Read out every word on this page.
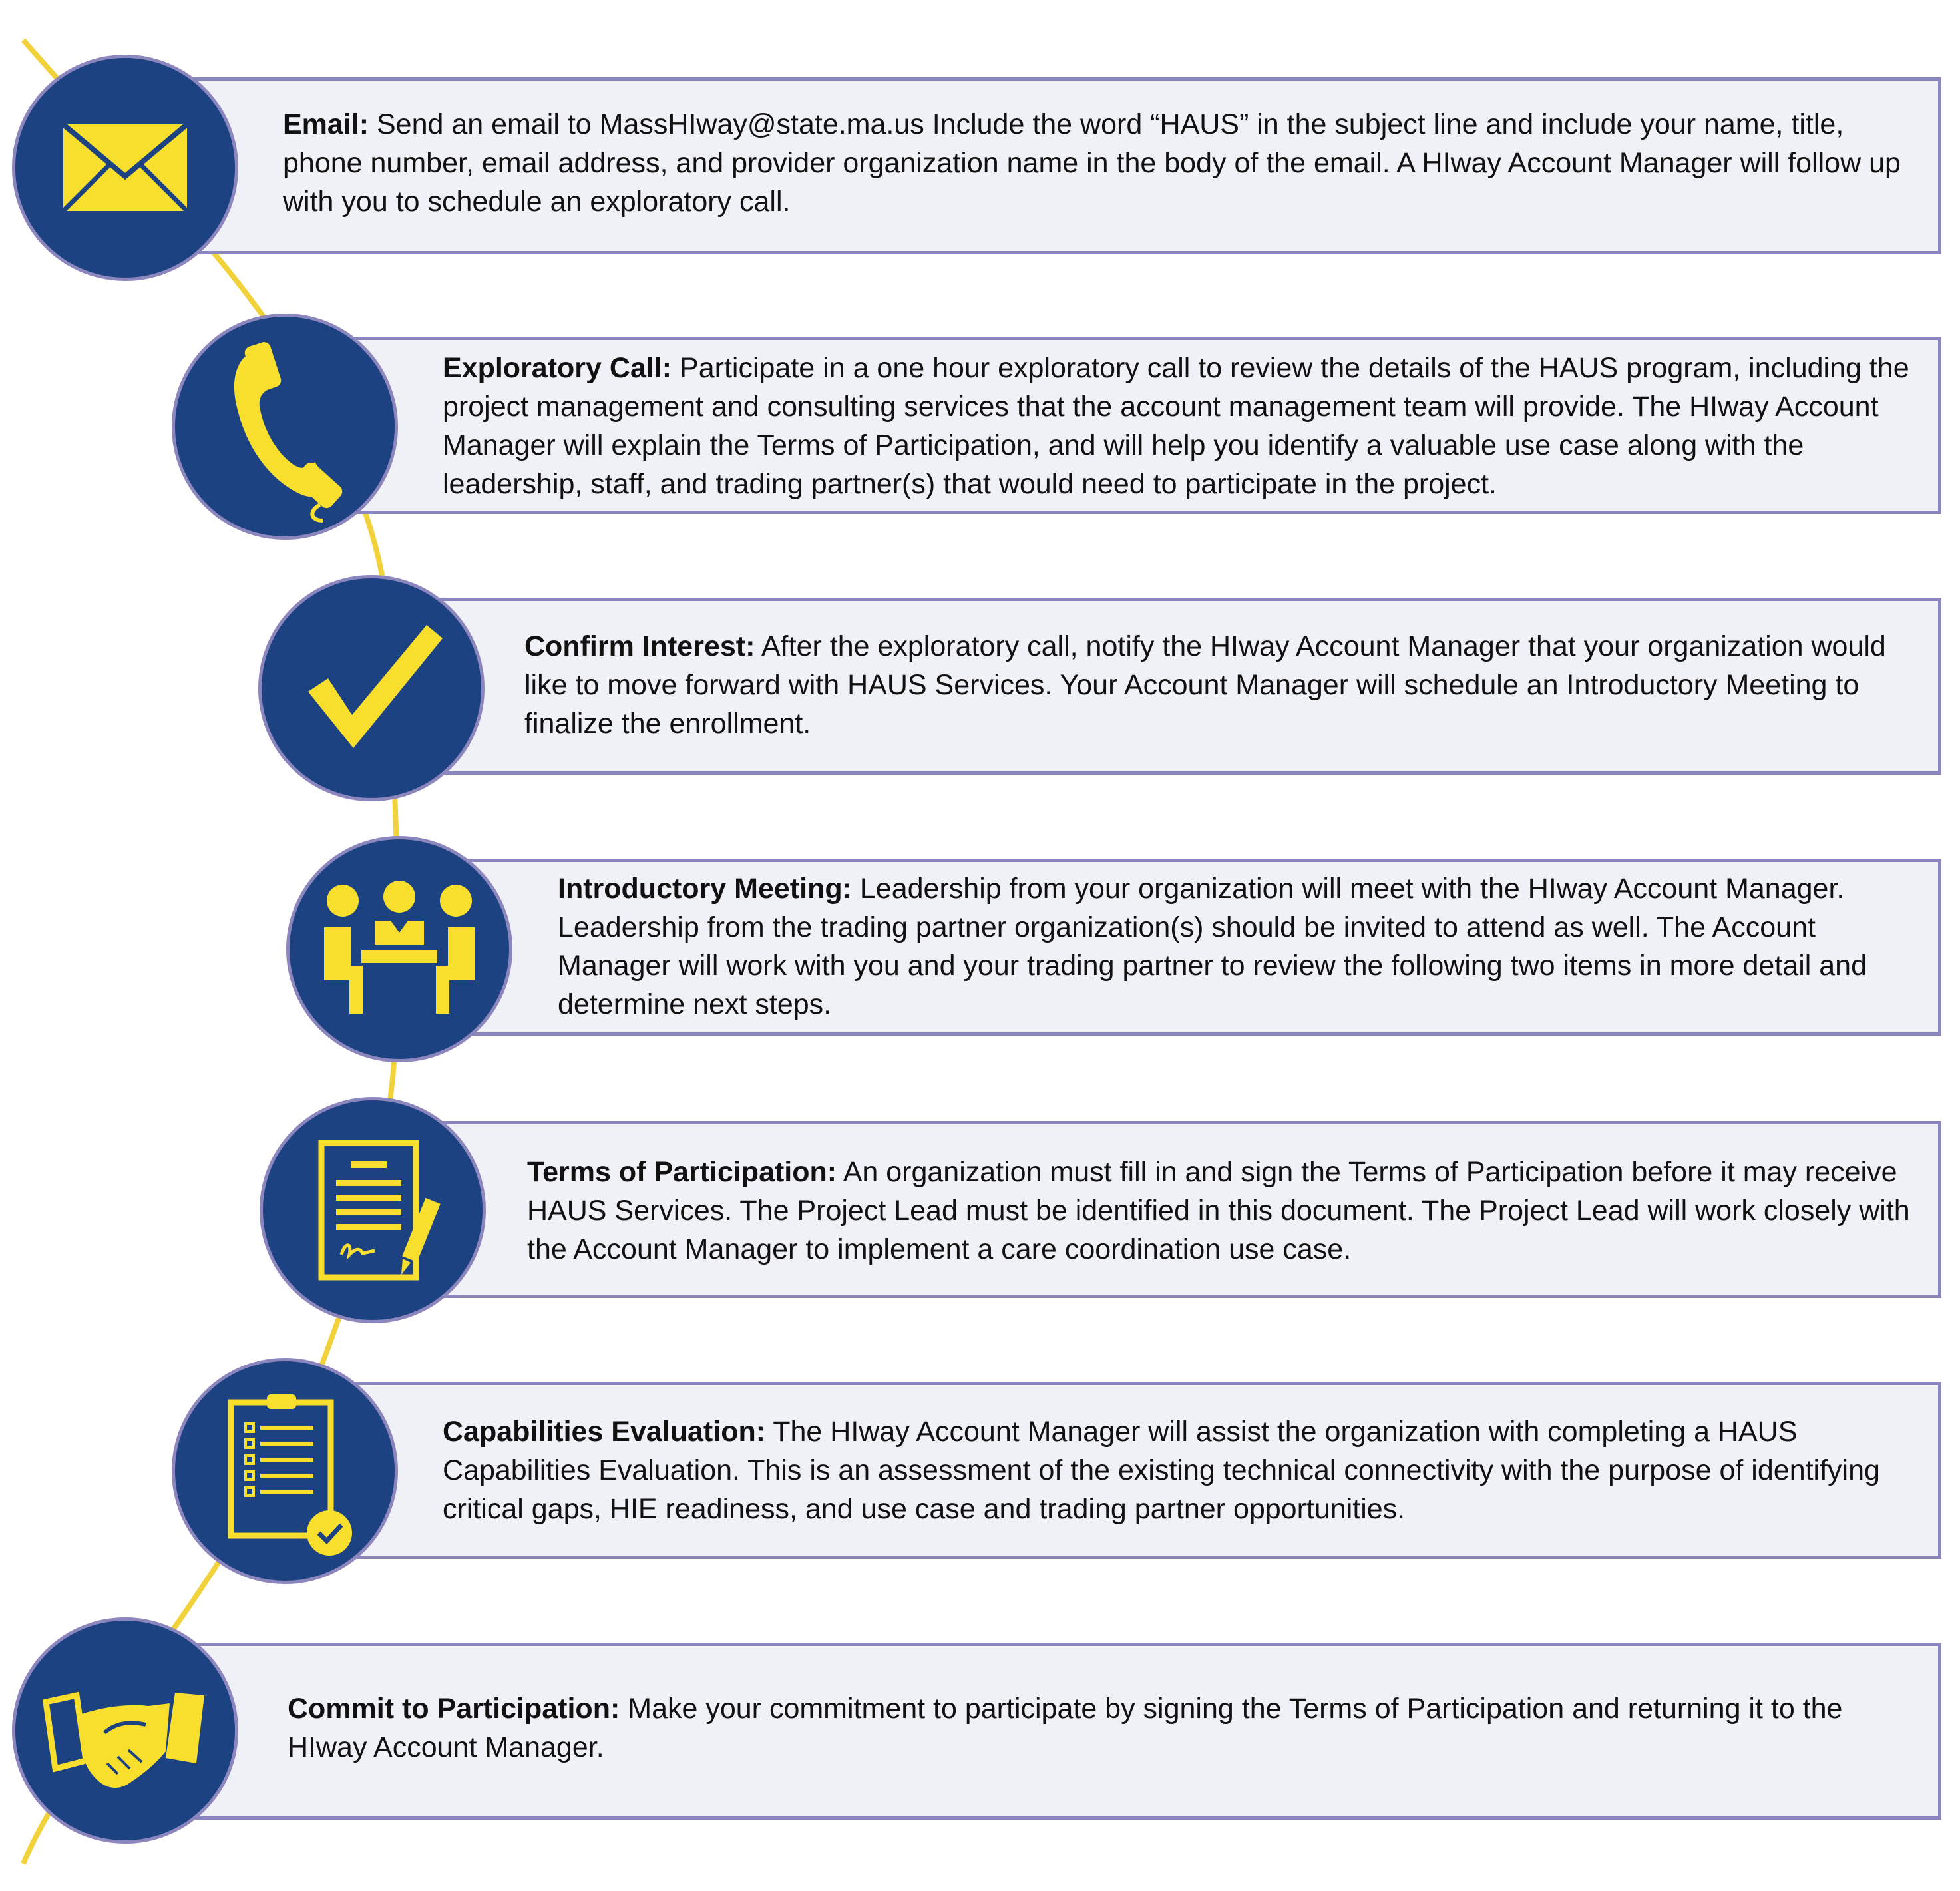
Email: Send an email to MassHIway@state.ma.us Include the word “HAUS” in the subject line and include your name, title, phone number, email address, and provider organization name in the body of the email. A HIway Account Manager will follow up with you to schedule an exploratory call.
Exploratory Call: Participate in a one hour exploratory call to review the details of the HAUS program, including the project management and consulting services that the account management team will provide. The HIway Account Manager will explain the Terms of Participation, and will help you identify a valuable use case along with the leadership, staff, and trading partner(s) that would need to participate in the project.
Confirm Interest: After the exploratory call, notify the HIway Account Manager that your organization would like to move forward with HAUS Services. Your Account Manager will schedule an Introductory Meeting to finalize the enrollment.
Introductory Meeting: Leadership from your organization will meet with the HIway Account Manager. Leadership from the trading partner organization(s) should be invited to attend as well. The Account Manager will work with you and your trading partner to review the following two items in more detail and determine next steps.
Terms of Participation: An organization must fill in and sign the Terms of Participation before it may receive HAUS Services. The Project Lead must be identified in this document. The Project Lead will work closely with the Account Manager to implement a care coordination use case.
Capabilities Evaluation: The HIway Account Manager will assist the organization with completing a HAUS Capabilities Evaluation. This is an assessment of the existing technical connectivity with the purpose of identifying critical gaps, HIE readiness, and use case and trading partner opportunities.
Commit to Participation: Make your commitment to participate by signing the Terms of Participation and returning it to the HIway Account Manager.
